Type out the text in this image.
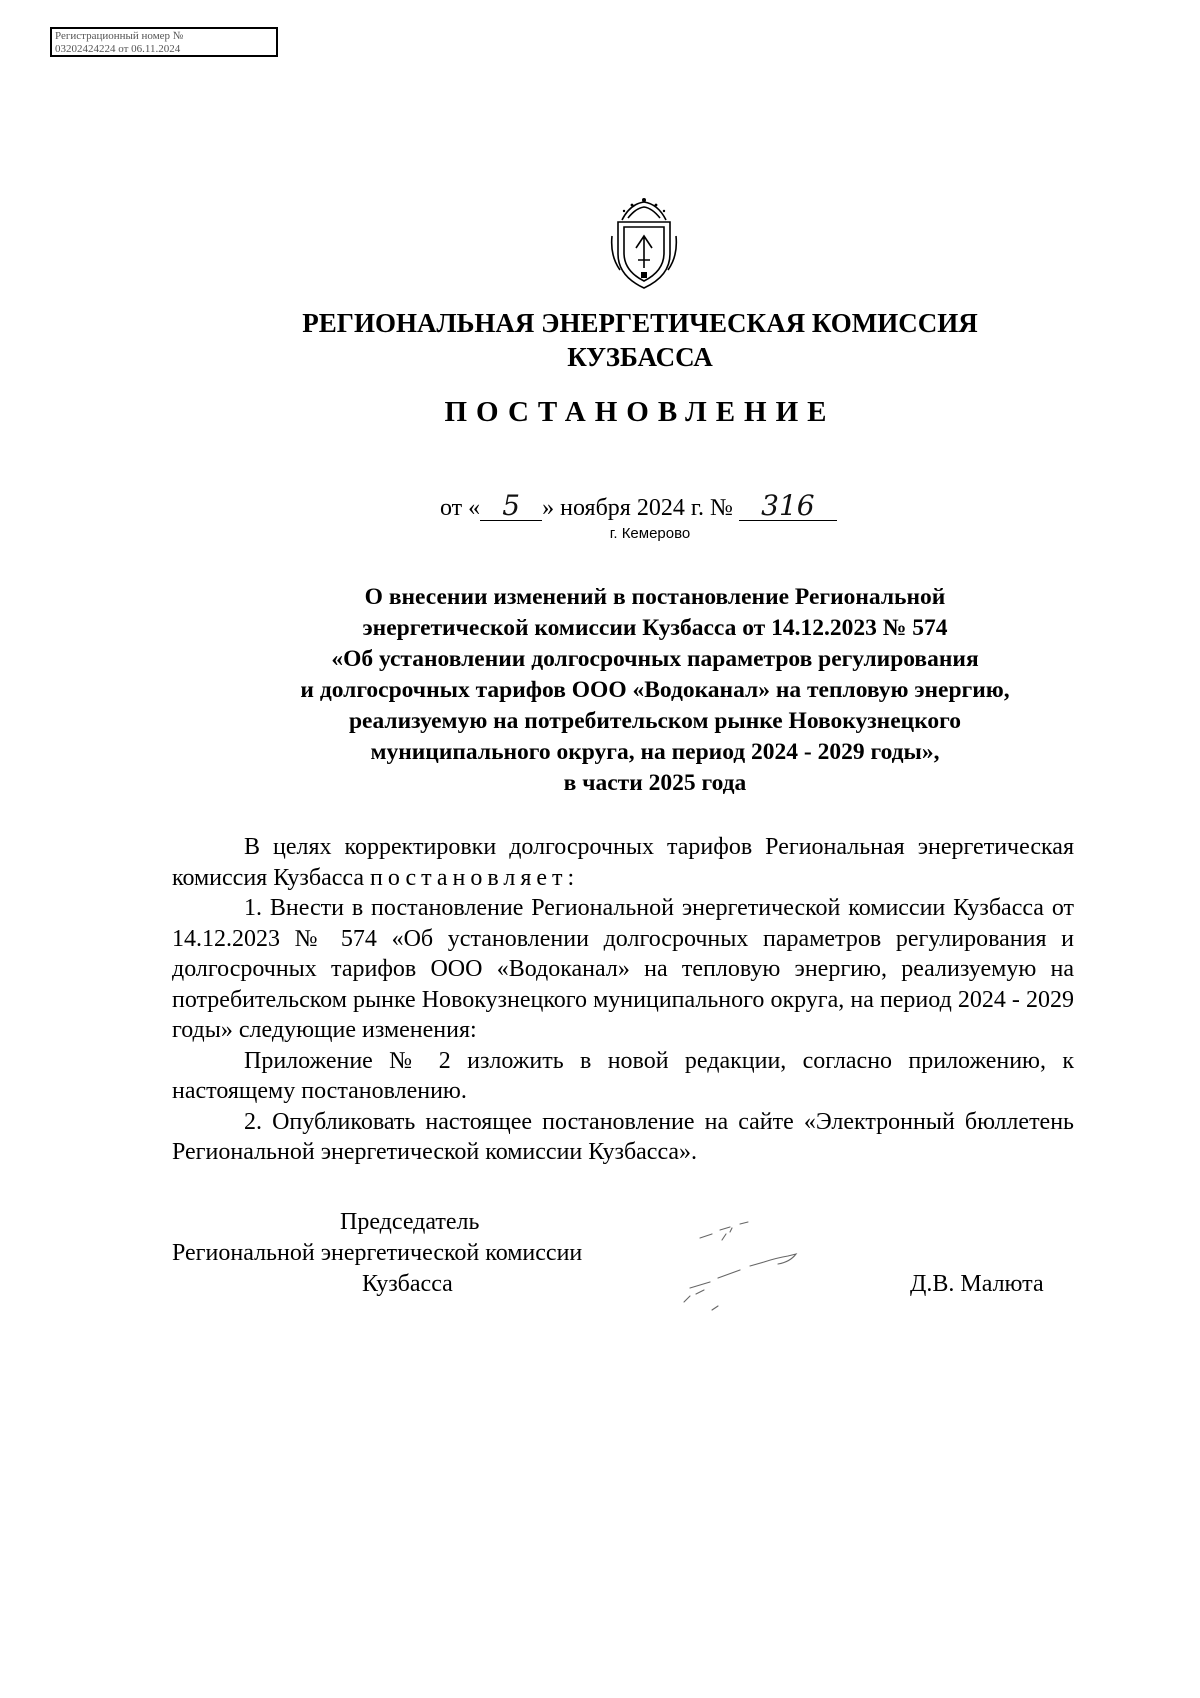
Регистрационный номер №
03202424224 от 06.11.2024
РЕГИОНАЛЬНАЯ ЭНЕРГЕТИЧЕСКАЯ КОМИССИЯ
КУЗБАССА
ПОСТАНОВЛЕНИЕ
от « 5 » ноября 2024 г. № 316
г. Кемерово
О внесении изменений в постановление Региональной
энергетической комиссии Кузбасса от 14.12.2023 № 574
«Об установлении долгосрочных параметров регулирования
и долгосрочных тарифов ООО «Водоканал» на тепловую энергию,
реализуемую на потребительском рынке Новокузнецкого
муниципального округа, на период 2024 - 2029 годы»,
в части 2025 года

В целях корректировки долгосрочных тарифов Региональная энергетическая комиссия Кузбасса постановляет:

1. Внести в постановление Региональной энергетической комиссии Кузбасса от 14.12.2023 № 574 «Об установлении долгосрочных параметров регулирования и долгосрочных тарифов ООО «Водоканал» на тепловую энергию, реализуемую на потребительском рынке Новокузнецкого муниципального округа, на период 2024 - 2029 годы» следующие изменения:

Приложение № 2 изложить в новой редакции, согласно приложению, к настоящему постановлению.

2. Опубликовать настоящее постановление на сайте «Электронный бюллетень Региональной энергетической комиссии Кузбасса».

Председатель
Региональной энергетической комиссии
Кузбасса	Д.В. Малюта
